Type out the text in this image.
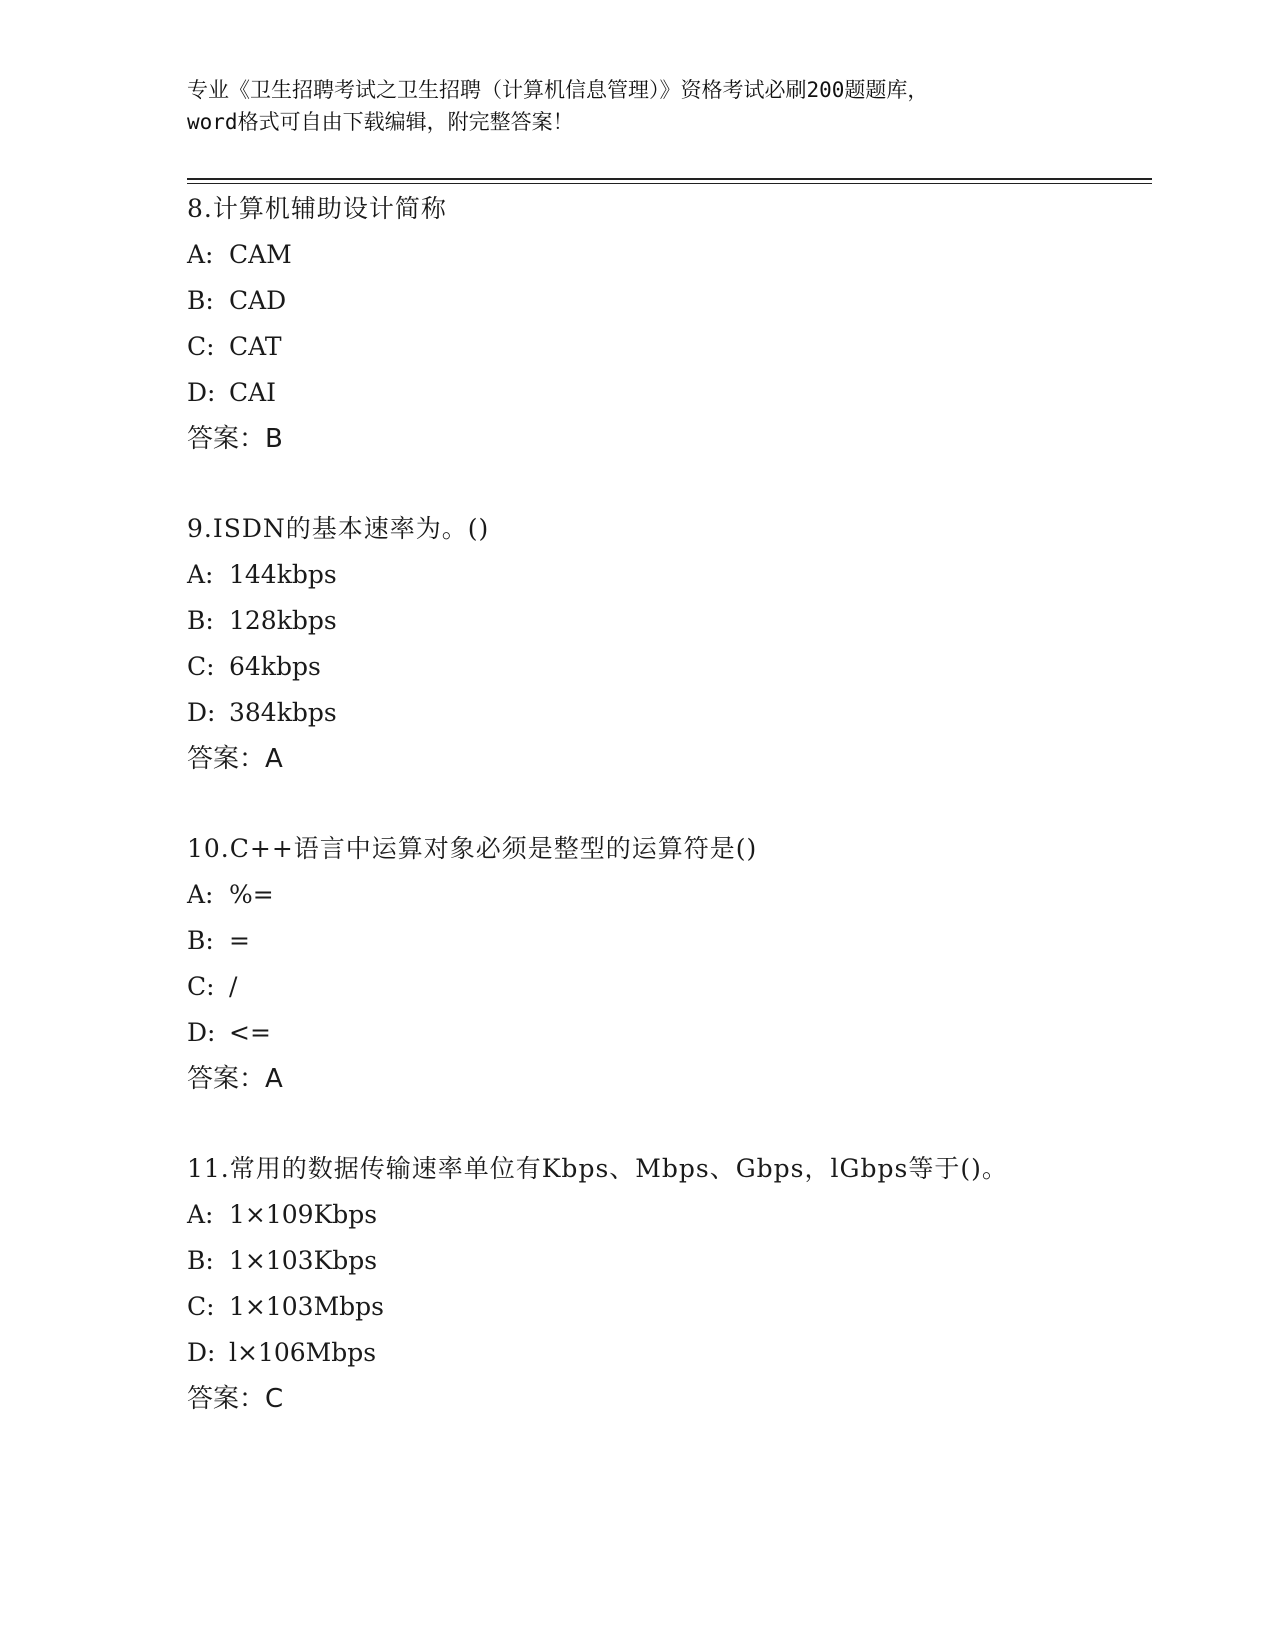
专业《卫生招聘考试之卫生招聘（计算机信息管理）》资格考试必刷200题题库，
word格式可自由下载编辑，附完整答案！
8.计算机辅助设计简称
A: CAM
B: CAD
C: CAT
D: CAI
答案：B
9.ISDN的基本速率为。()
A: 144kbps
B: 128kbps
C: 64kbps
D: 384kbps
答案：A
10.C++语言中运算对象必须是整型的运算符是()
A: %=
B: =
C: /
D: <=
答案：A
11.常用的数据传输速率单位有Kbps、Mbps、Gbps，lGbps等于()。
A: 1×109Kbps
B: 1×103Kbps
C: 1×103Mbps
D: l×106Mbps
答案：C
